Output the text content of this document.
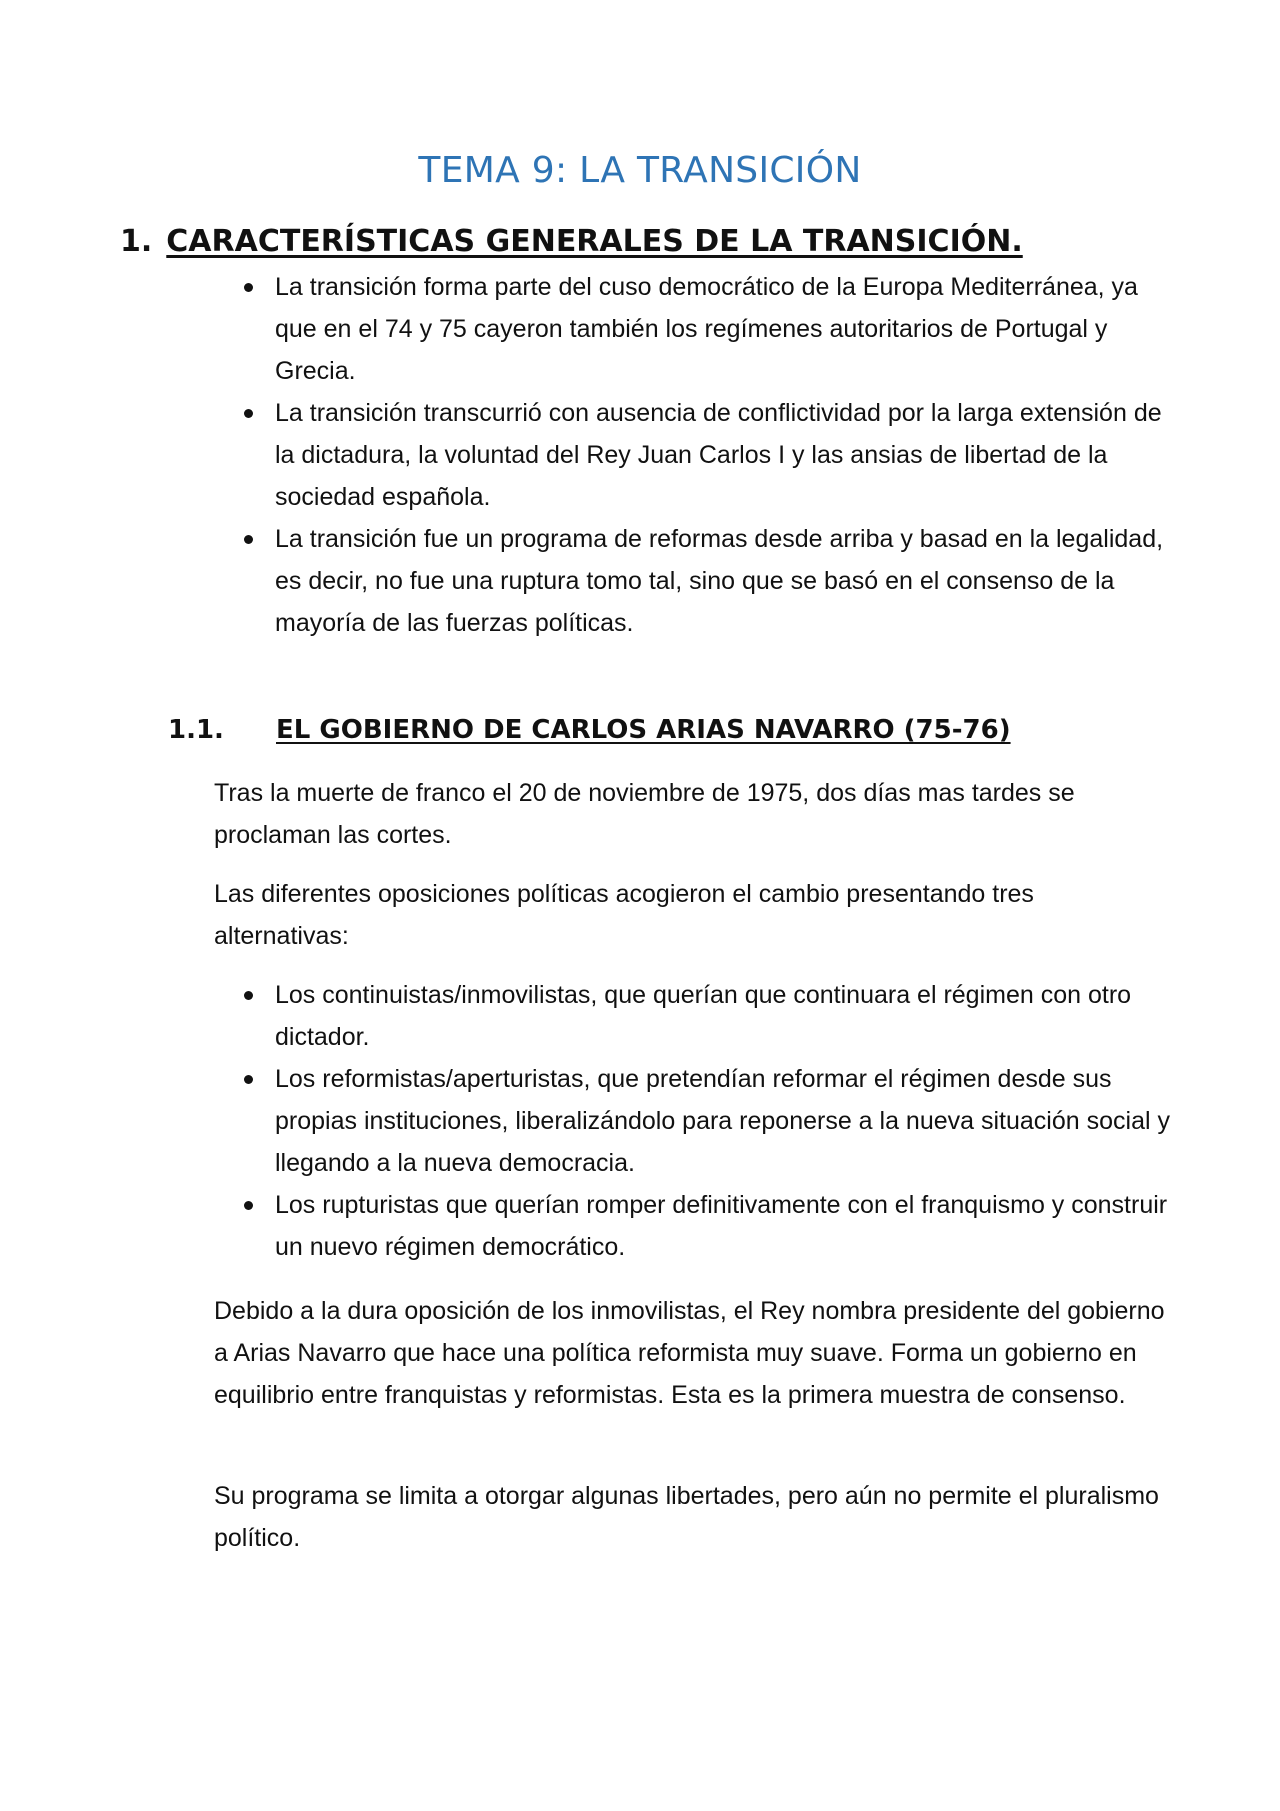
TEMA 9: LA TRANSICIÓN
1. CARACTERÍSTICAS GENERALES DE LA TRANSICIÓN.
La transición forma parte del cuso democrático de la Europa Mediterránea, ya que en el 74 y 75 cayeron también los regímenes autoritarios de Portugal y Grecia.
La transición transcurrió con ausencia de conflictividad por la larga extensión de la dictadura, la voluntad del Rey Juan Carlos I y las ansias de libertad de la sociedad española.
La transición fue un programa de reformas desde arriba y basad en la legalidad, es decir, no fue una ruptura tomo tal, sino que se basó en el consenso de la mayoría de las fuerzas políticas.
1.1. EL GOBIERNO DE CARLOS ARIAS NAVARRO (75-76)

Tras la muerte de franco el 20 de noviembre de 1975, dos días mas tardes se proclaman las cortes.

Las diferentes oposiciones políticas acogieron el cambio presentando tres alternativas:

Los continuistas/inmovilistas, que querían que continuara el régimen con otro dictador.
Los reformistas/aperturistas, que pretendían reformar el régimen desde sus propias instituciones, liberalizándolo para reponerse a la nueva situación social y llegando a la nueva democracia.
Los rupturistas que querían romper definitivamente con el franquismo y construir un nuevo régimen democrático.

Debido a la dura oposición de los inmovilistas, el Rey nombra presidente del gobierno a Arias Navarro que hace una política reformista muy suave. Forma un gobierno en equilibrio entre franquistas y reformistas. Esta es la primera muestra de consenso.

Su programa se limita a otorgar algunas libertades, pero aún no permite el pluralismo político.
